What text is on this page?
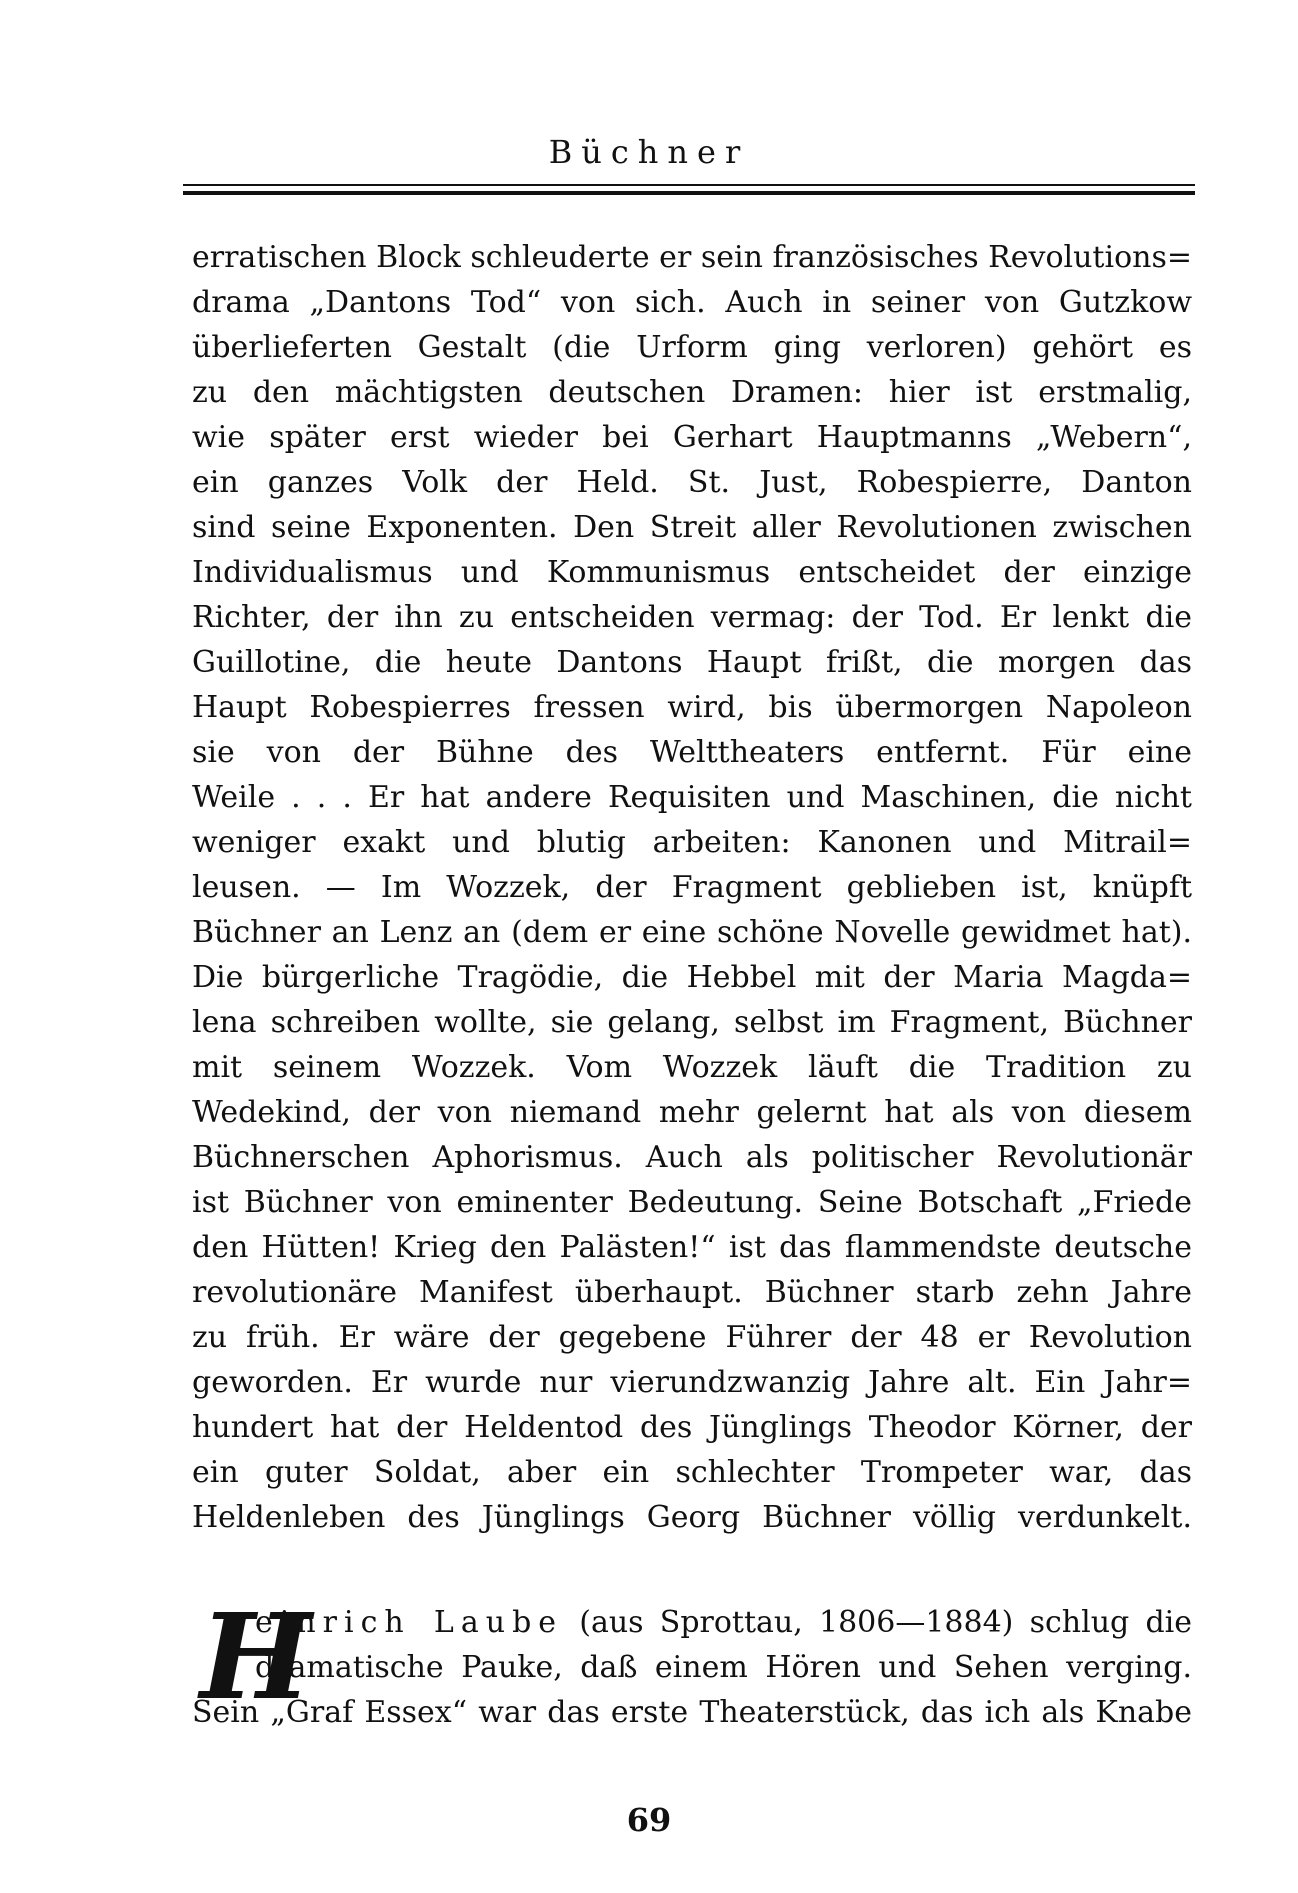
Büchner
erratischen Block schleuderte er sein französisches Revolutions=
drama „Dantons Tod“ von sich. Auch in seiner von Gutzkow
überlieferten Gestalt (die Urform ging verloren) gehört es
zu den mächtigsten deutschen Dramen: hier ist erstmalig,
wie später erst wieder bei Gerhart Hauptmanns „Webern“,
ein ganzes Volk der Held. St. Just, Robespierre, Danton
sind seine Exponenten. Den Streit aller Revolutionen zwischen
Individualismus und Kommunismus entscheidet der einzige
Richter, der ihn zu entscheiden vermag: der Tod. Er lenkt die
Guillotine, die heute Dantons Haupt frißt, die morgen das
Haupt Robespierres fressen wird, bis übermorgen Napoleon
sie von der Bühne des Welttheaters entfernt. Für eine
Weile . . . Er hat andere Requisiten und Maschinen, die nicht
weniger exakt und blutig arbeiten: Kanonen und Mitrail=
leusen. — Im Wozzek, der Fragment geblieben ist, knüpft
Büchner an Lenz an (dem er eine schöne Novelle gewidmet hat).
Die bürgerliche Tragödie, die Hebbel mit der Maria Magda=
lena schreiben wollte, sie gelang, selbst im Fragment, Büchner
mit seinem Wozzek. Vom Wozzek läuft die Tradition zu
Wedekind, der von niemand mehr gelernt hat als von diesem
Büchnerschen Aphorismus. Auch als politischer Revolutionär
ist Büchner von eminenter Bedeutung. Seine Botschaft „Friede
den Hütten! Krieg den Palästen!“ ist das flammendste deutsche
revolutionäre Manifest überhaupt. Büchner starb zehn Jahre
zu früh. Er wäre der gegebene Führer der 48 er Revolution
geworden. Er wurde nur vierundzwanzig Jahre alt. Ein Jahr=
hundert hat der Heldentod des Jünglings Theodor Körner, der
ein guter Soldat, aber ein schlechter Trompeter war, das
Heldenleben des Jünglings Georg Büchner völlig verdunkelt.
H
einrich Laube (aus Sprottau, 1806—1884) schlug die
dramatische Pauke, daß einem Hören und Sehen verging.
Sein „Graf Essex“ war das erste Theaterstück, das ich als Knabe
69
